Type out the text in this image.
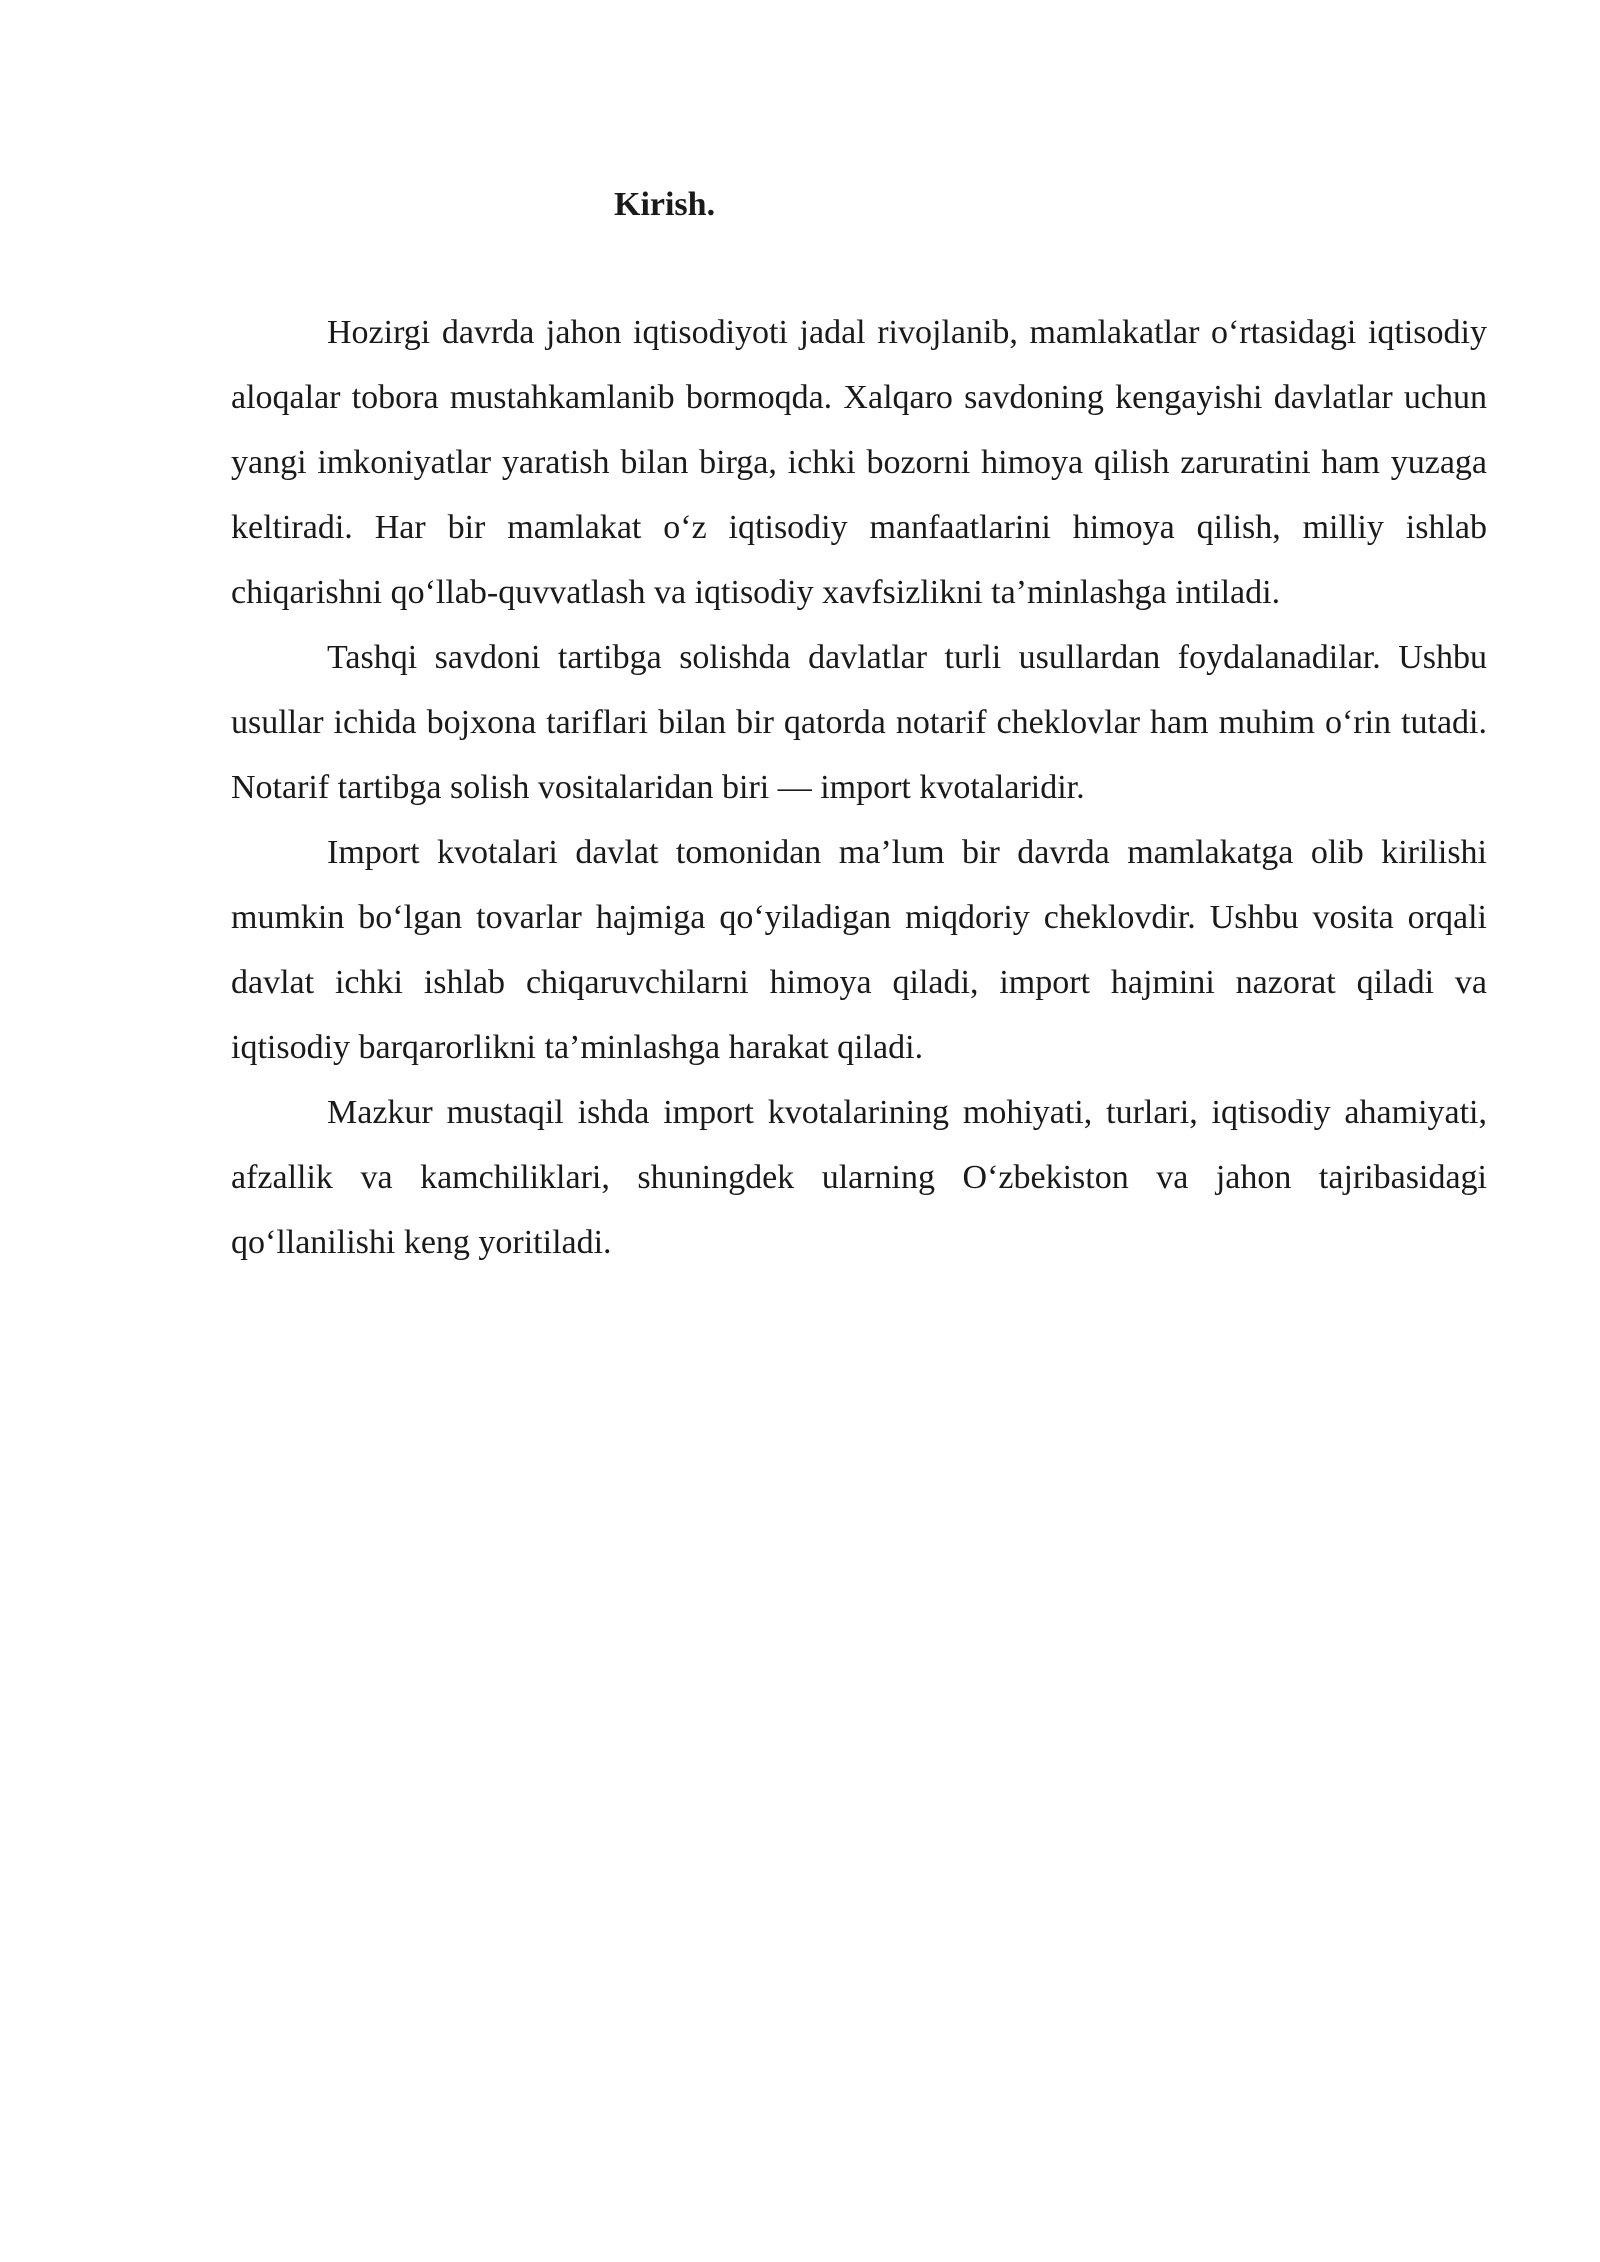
Kirish.

Hozirgi davrda jahon iqtisodiyoti jadal rivojlanib, mamlakatlar o‘rtasidagi iqtisodiy aloqalar tobora mustahkamlanib bormoqda. Xalqaro savdoning kengayishi davlatlar uchun yangi imkoniyatlar yaratish bilan birga, ichki bozorni himoya qilish zaruratini ham yuzaga keltiradi. Har bir mamlakat o‘z iqtisodiy manfaatlarini himoya qilish, milliy ishlab chiqarishni qo‘llab-quvvatlash va iqtisodiy xavfsizlikni ta’minlashga intiladi.

Tashqi savdoni tartibga solishda davlatlar turli usullardan foydalanadilar. Ushbu usullar ichida bojxona tariflari bilan bir qatorda notarif cheklovlar ham muhim o‘rin tutadi. Notarif tartibga solish vositalaridan biri — import kvotalaridir.

Import kvotalari davlat tomonidan ma’lum bir davrda mamlakatga olib kirilishi mumkin bo‘lgan tovarlar hajmiga qo‘yiladigan miqdoriy cheklovdir. Ushbu vosita orqali davlat ichki ishlab chiqaruvchilarni himoya qiladi, import hajmini nazorat qiladi va iqtisodiy barqarorlikni ta’minlashga harakat qiladi.

Mazkur mustaqil ishda import kvotalarining mohiyati, turlari, iqtisodiy ahamiyati, afzallik va kamchiliklari, shuningdek ularning O‘zbekiston va jahon tajribasidagi qo‘llanilishi keng yoritiladi.
